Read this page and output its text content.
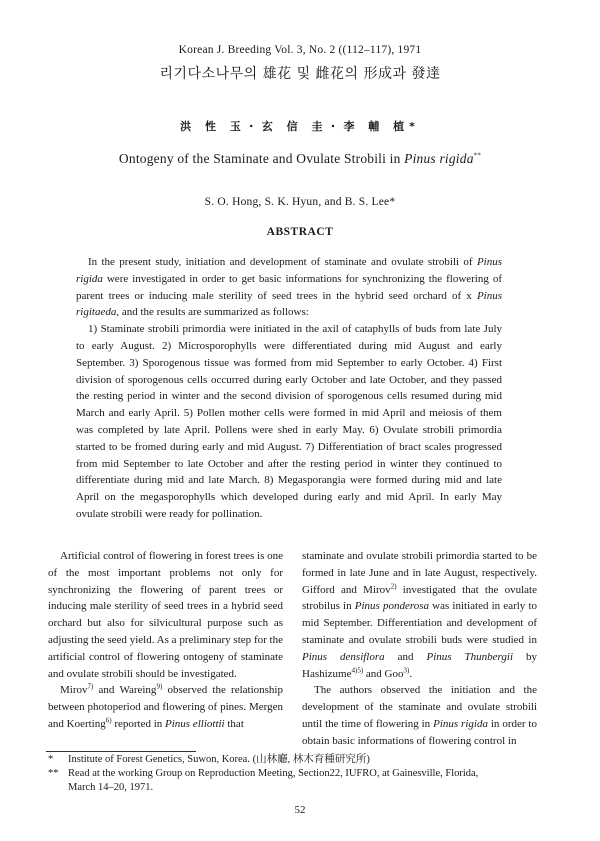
Korean J. Breeding Vol. 3, No. 2 ((112–117), 1971
리기다소나무의 雄花 및 雌花의 形成과 發達
洪 性 玉・玄 信 圭・李 輔 植*
Ontogeny of the Staminate and Ovulate Strobili in Pinus rigida**
S. O. Hong, S. K. Hyun, and B. S. Lee*
ABSTRACT

In the present study, initiation and development of staminate and ovulate strobili of Pinus rigida were investigated in order to get basic informations for synchronizing the flowering of parent trees or inducing male sterility of seed trees in the hybrid seed orchard of x Pinus rigitaeda, and the results are summarized as follows:

1) Staminate strobili primordia were initiated in the axil of cataphylls of buds from late July to early August. 2) Microsporophylls were differentiated during mid August and early September. 3) Sporogenous tissue was formed from mid September to early October. 4) First division of sporogenous cells occurred during early October and late October, and they passed the resting period in winter and the second division of sporogenous cells resumed during mid March and early April. 5) Pollen mother cells were formed in mid April and meiosis of them was completed by late April. Pollens were shed in early May. 6) Ovulate strobili primordia started to be fromed during early and mid August. 7) Differentiation of bract scales progressed from mid September to late October and after the resting period in winter they continued to differentiate during mid and late March. 8) Megasporangia were formed during mid and late April on the megasporophylls which developed during early and mid April. In early May ovulate strobili were ready for pollination.

Artificial control of flowering in forest trees is one of the most important problems not only for synchronizing the flowering of parent trees or inducing male sterility of seed trees in a hybrid seed orchard but also for silvicultural purpose such as adjusting the seed yield. As a preliminary step for the artificial control of flowering ontogeny of staminate and ovulate strobili should be investigated.

Mirov$^{7)}$ and Wareing$^{9)}$ observed the relationship between photoperiod and flowering of pines. Mergen and Koerting$^{6)}$ reported in Pinus elliottii that

staminate and ovulate strobili primordia started to be formed in late June and in late August, respectively. Gifford and Mirov$^{2)}$ investigated that the ovulate strobilus in Pinus ponderosa was initiated in early to mid September. Differentiation and development of staminate and ovulate strobili buds were studied in Pinus densiflora and Pinus Thunbergii by Hashizume$^{4)5)}$ and Goo$^{3)}$.

The authors observed the initiation and the development of the staminate and ovulate strobili until the time of flowering in Pinus rigida in order to obtain basic informations of flowering control in

* Institute of Forest Genetics, Suwon, Korea. (山林廳, 林木育種研究所)
** Read at the working Group on Reproduction Meeting, Section22, IUFRO, at Gainesville, Florida,
March 14–20, 1971.
52
